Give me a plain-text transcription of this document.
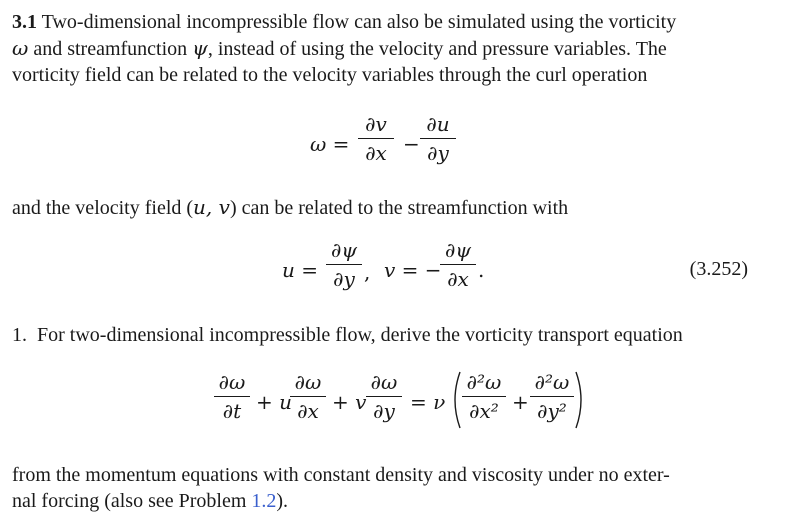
3.1 Two-dimensional incompressible flow can also be simulated using the vorticity
ω and streamfunction ψ, instead of using the velocity and pressure variables. The
vorticity field can be related to the velocity variables through the curl operation
ω =
∂v
∂x −
∂u
∂y
and the velocity field (u, v) can be related to the streamfunction with
u =
∂ψ
∂y , v = −
∂ψ
∂x .	(3.252)
1. For two-dimensional incompressible flow, derive the vorticity transport equation
∂ω
∂t + u
∂ω
∂x + v
∂ω
∂y = ν
∂²ω
∂x² +
∂²ω
∂y²
from the momentum equations with constant density and viscosity under no exter-
nal forcing (also see Problem 1.2).
